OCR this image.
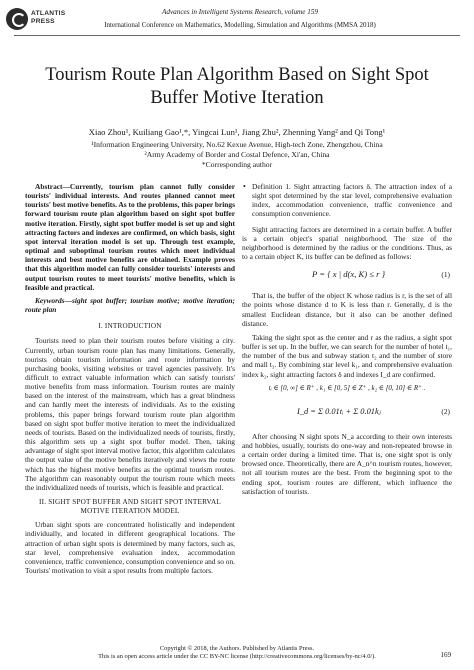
ATLANTIS PRESS
Advances in Intelligent Systems Research, volume 159
International Conference on Mathematics, Modelling, Simulation and Algorithms (MMSA 2018)
Tourism Route Plan Algorithm Based on Sight Spot Buffer Motive Iteration
Xiao Zhou¹, Kuiliang Gao¹,*, Yingcai Lun¹, Jiang Zhu², Zhenning Yang² and Qi Tong¹
¹Information Engineering University, No.62 Kexue Avenue, High-tech Zone, Zhengzhou, China
²Army Academy of Border and Costal Defence, Xi'an, China
*Corresponding author

Abstract—Currently, tourism plan cannot fully consider tourists' individual interests. And routes planned cannot meet tourists' best motive benefits. As to the problems, this paper brings forward tourism route plan algorithm based on sight spot buffer motive iteration. Firstly, sight spot buffer model is set up and sight attracting factors and indexes are confirmed, on which basis, sight spot interval iteration model is set up. Through test example, optimal and suboptimal tourism routes which meet individual interests and best motive benefits are obtained. Example proves that this algorithm model can fully consider tourists' interests and output tourism routes to meet tourists' motive benefits, which is feasible and practical.

Keywords—sight spot buffer; tourism motive; motive iteration; route plan

I. INTRODUCTION

Tourists need to plan their tourism routes before visiting a city. Currently, urban tourism route plan has many limitations. Generally, tourists obtain tourism information and route information by purchasing books, visiting websites or travel agencies passively. It's difficult to extract valuable information which can satisfy tourists' motive benefits from mass information. Tourism routes are mainly based on the interest of the mainstream, which has a great blindness and can hardly meet the interests of individuals. As to the existing problems, this paper brings forward tourism route plan algorithm based on sight spot buffer motive iteration to meet the individualized needs of tourists. Based on the individualized needs of tourists, firstly, this algorithm sets up a sight spot buffer model. Then, taking advantage of sight spot interval motive factor, this algorithm calculates the output value of the motive benefits iteratively and views the route which has the highest motive benefits as the optimal tourism routes. The algorithm can reasonably output the tourism route which meets the individualized needs of tourists, which is feasible and practical.

II. SIGHT SPOT BUFFER AND SIGHT SPOT INTERVAL MOTIVE ITERATION MODEL

Urban sight spots are concentrated holistically and independent individually, and located in different geographical locations. The attraction of urban sight spots is determined by many factors, such as, star level, comprehensive evaluation index, accommodation convenience, traffic convenience, consumption convenience and so on. Tourists' motivation to visit a spot results from multiple factors.

• Definition 1. Sight attracting factors δ. The attraction index of a sight spot determined by the star level, comprehensive evaluation index, accommodation convenience, traffic convenience and consumption convenience.

Sight attracting factors are determined in a certain buffer. A buffer is a certain object's spatial neighborhood. The size of the neighborhood is determined by the radius or the conditions. Thus, as to a certain object K, its buffer can be defined as follows:

P = { x | d(x, K) ≤ r }	(1)

That is, the buffer of the object K whose radius is r, is the set of all the points whose distance d to K is less than r. Generally, d is the smallest Euclidean distance, but it also can be another defined distance.

Taking the sight spot as the center and r as the radius, a sight spot buffer is set up. In the buffer, we can search for the number of hotel t₁, the number of the bus and subway station t₂ and the number of store and mall t₃. By combining star level k₁, and comprehensive evaluation index k₂, sight attracting factors δ and indexes I_d are confirmed.

tᵢ ∈ [0, ∞] ∈ R⁺ , k₁ ∈ [0, 5] ∈ Z⁺ , k₂ ∈ [0, 10] ∈ R⁺ .
I_d = Σ 0.01tᵢ + Σ 0.01kⱼ	(2)

After choosing N sight spots N_a according to their own interests and hobbies, usually, tourists do one-way and non-repeated browse in a certain order during a limited time. That is, one sight spot is only browsed once. Theoretically, there are A_n^n tourism routes, however, not all tourism routes are the best. From the beginning spot to the ending spot, tourism routes are different, which influence the satisfaction of tourists.

Copyright © 2018, the Authors. Published by Atlantis Press.
This is an open access article under the CC BY-NC license (http://creativecommons.org/licenses/by-nc/4.0/).	169
